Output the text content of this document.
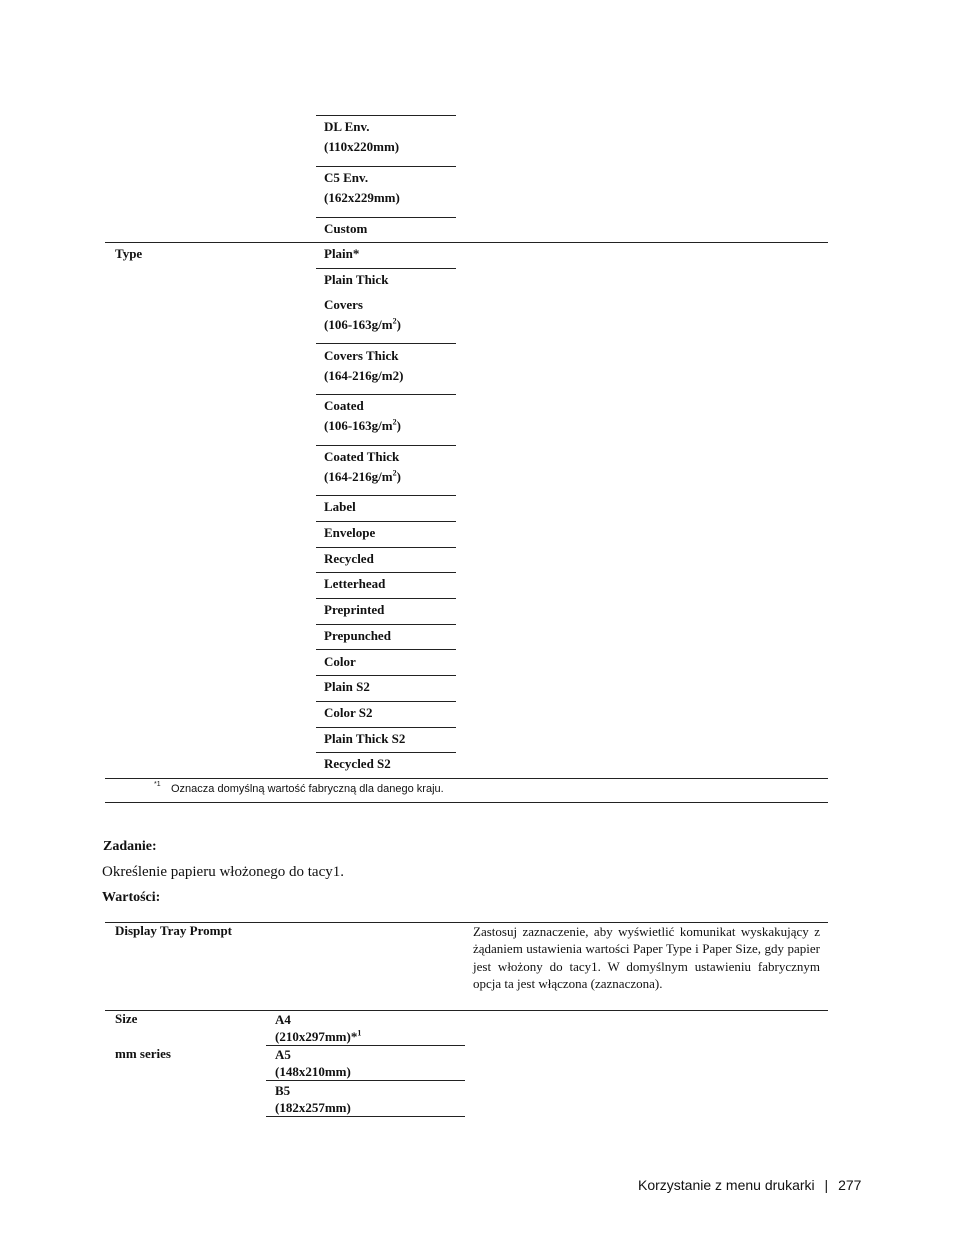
DL Env.
(110x220mm)
C5 Env.
(162x229mm)
Custom
Type	Plain*
Plain Thick
Covers
$(106-163g/m^2)$
Covers Thick
(164-216g/m2)
Coated
$(106-163g/m^2)$
Coated Thick
$(164-216g/m^2)$
Label
Envelope
Recycled
Letterhead
Preprinted
Prepunched
Color
Plain S2
Color S2
Plain Thick S2
Recycled S2
*1 Oznacza domyślną wartość fabryczną dla danego kraju.
Zadanie:
Określenie papieru włożonego do tacy1.
Wartości:
Display Tray Prompt	Zastosuj zaznaczenie, aby wyświetlić komunikat wyskakujący z żądaniem ustawienia wartości Paper Type i Paper Size, gdy papier jest włożony do tacy1. W domyślnym ustawieniu fabrycznym opcja ta jest włączona (zaznaczona).
Size
mm series
A4
(210x297mm)*$^1$
A5
(148x210mm)
B5
(182x257mm)
Korzystanie z menu drukarki | 277
